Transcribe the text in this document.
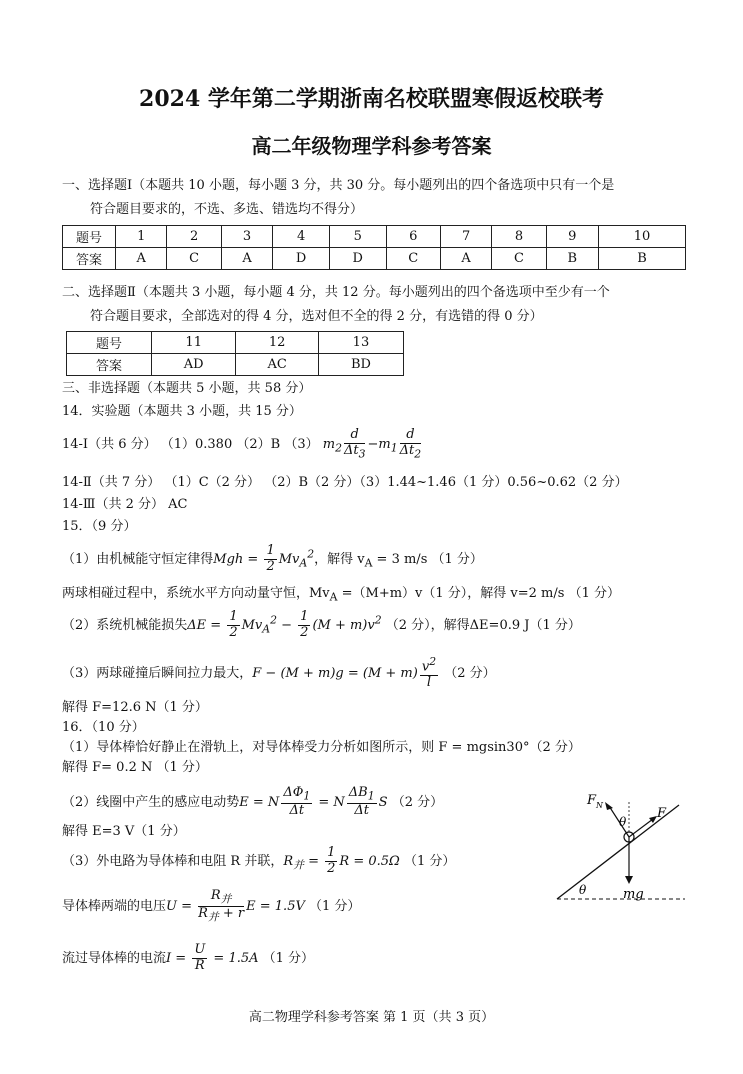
2024 学年第二学期浙南名校联盟寒假返校联考
高二年级物理学科参考答案
一、选择题Ⅰ（本题共 10 小题，每小题 3 分，共 30 分。每小题列出的四个备选项中只有一个是
符合题目要求的，不选、多选、错选均不得分）
题号	1	2	3	4	5	6	7	8	9	10
答案	A	C	A	D	D	C	A	C	B	B
二、选择题Ⅱ（本题共 3 小题，每小题 4 分，共 12 分。每小题列出的四个备选项中至少有一个
符合题目要求，全部选对的得 4 分，选对但不全的得 2 分，有选错的得 0 分）
题号	11	12	13
答案	AD	AC	BD
三、非选择题（本题共 5 小题，共 58 分）
14．实验题（本题共 3 小题，共 15 分）
14-Ⅰ（共 6 分） （1）0.380 （2）B （3） $m_2 \frac{d}{\Delta t_3} -m_1 \frac{d}{\Delta t_2}$
14-Ⅱ（共 7 分） （1）C（2 分） （2）B（2 分）（3）1.44~1.46（1 分）0.56~0.62（2 分）
14-Ⅲ（共 2 分） AC
15．（9 分）
（1）由机械能守恒定律得Mgh = $\frac{1}{2} Mv_A^2$，解得 $v_A = 3$ m/s （1 分）
两球相碰过程中，系统水平方向动量守恒，$Mv_A =(M+m)v(1$ 分），解得 v=2 m/s （1 分）
（2）系统机械能损失$\Delta E = \frac{1}{2} Mv_A^2 - \frac{1}{2} (M + m)v^2$ （2 分），解得ΔE=0.9 J（1 分）
（3）两球碰撞后瞬间拉力最大，$F - (M + m)g = (M + m) \frac{v^2}{l} (2$ 分）
解得 F=12.6 N（1 分）
16．（10 分）
（1）导体棒恰好静止在滑轨上，对导体棒受力分析如图所示，则 F = mgsin30°（2 分）
解得 F= 0.2 N （1 分）
（2）线圈中产生的感应电动势E = N $\frac{\Delta\Phi_1}{\Delta t} = N \frac{\Delta B_1}{\Delta t}$ S （2 分）
解得 E=3 V（1 分）
（3）外电路为导体棒和电阻 R 并联，$R_并 = \frac{1}{2}$ R = 0.5Ω （1 分）
导体棒两端的电压$U = \frac{R_并}{R_并 + r}$ E = 1.5V （1 分）
流过导体棒的电流$I = \frac{U}{R} = 1.5A$ （1 分）
F N
θ
F
θ	mg
高二物理学科参考答案 第 1 页（共 3 页）
